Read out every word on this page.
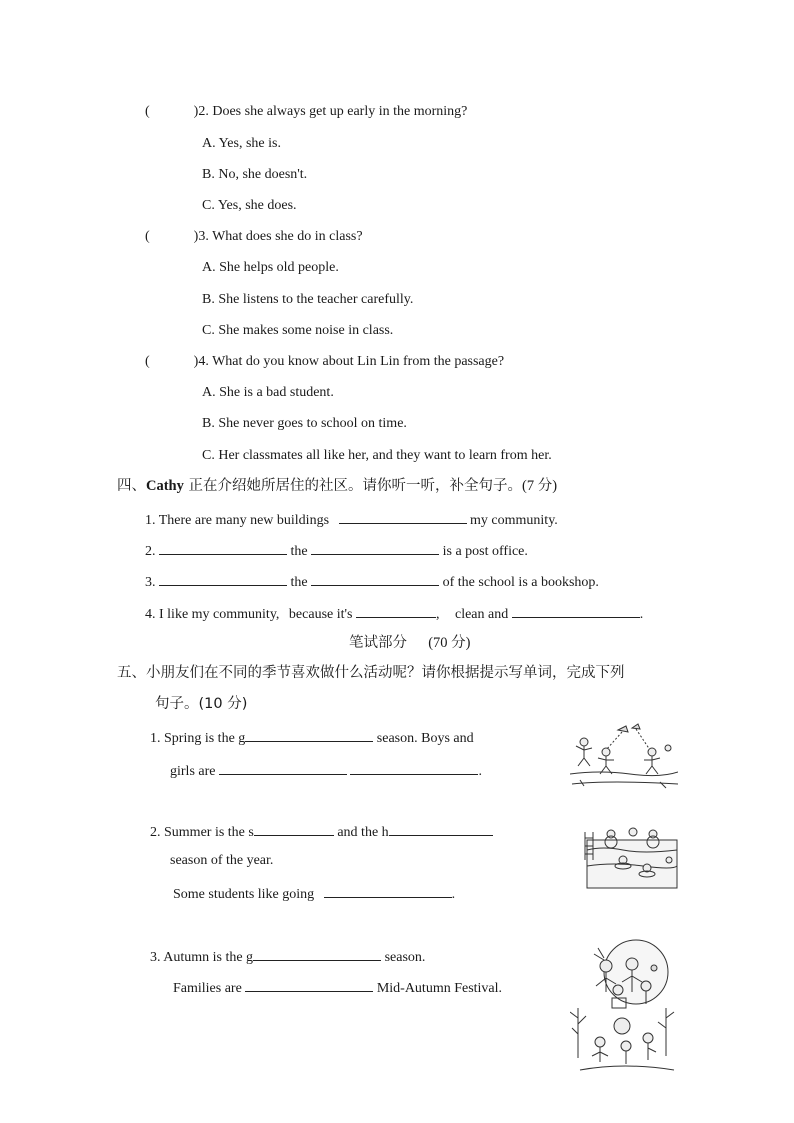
(	)2. Does she always get up early in the morning?
A. Yes, she is.
B. No, she doesn't.
C. Yes, she does.
(	)3. What does she do in class?
A. She helps old people.
B. She listens to the teacher carefully.
C. She makes some noise in class.
(	)4. What do you know about Lin Lin from the passage?
A. She is a bad student.
B. She never goes to school on time.
C. Her classmates all like her, and they want to learn from her.
四、Cathy 正在介绍她所居住的社区。请你听一听，补全句子。(7 分)
1. There are many new buildings	my community.
2.	the	is a post office.
3.	the	of the school is a bookshop.
4. I like my community, because it's	, clean and	.
笔试部分 (70 分)
五、小朋友们在不同的季节喜欢做什么活动呢？请你根据提示写单词，完成下列
句子。(10 分)
1. Spring is the g	season. Boys and
girls are	.
2. Summer is the s	and the h
season of the year.
Some students like going	.
3. Autumn is the g	season.
Families are	Mid-Autumn Festival.
